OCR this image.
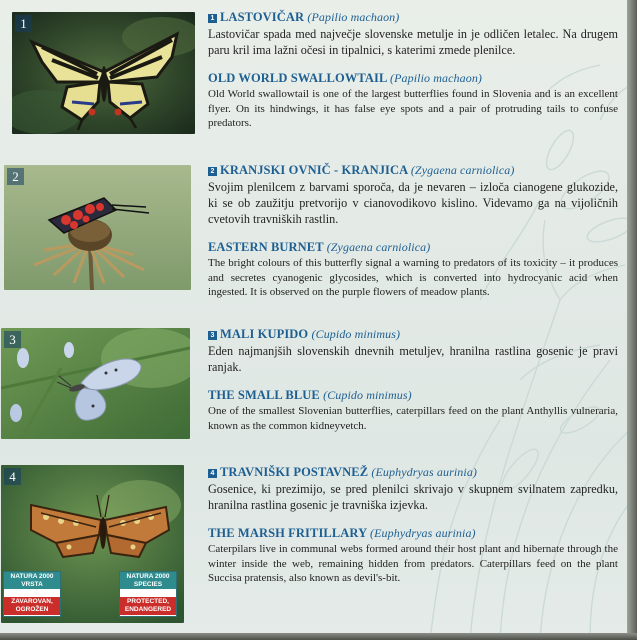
1
2
3
4
NATURA 2000 VRSTA
ZAVAROVAN, OGROŽEN
NATURA 2000 SPECIES
PROTECTED, ENDANGERED
1 LASTOVIČAR (Papilio machaon)

Lastovičar spada med največje slovenske metulje in je odličen letalec. Na drugem paru kril ima lažni očesi in tipalnici, s katerimi zmede plenilce.

OLD WORLD SWALLOWTAIL (Papilio machaon)

Old World swallowtail is one of the largest butterflies found in Slovenia and is an excellent flyer. On its hindwings, it has false eye spots and a pair of protruding tails to confuse predators.

2 KRANJSKI OVNIČ - KRANJICA (Zygaena carniolica)

Svojim plenilcem z barvami sporoča, da je nevaren – izloča cianogene glukozide, ki se ob zaužitju pretvorijo v cianovodikovo kislino. Videvamo ga na vijoličnih cvetovih travniških rastlin.

EASTERN BURNET (Zygaena carniolica)

The bright colours of this butterfly signal a warning to predators of its toxicity – it produces and secretes cyanogenic glycosides, which is converted into hydrocyanic acid when ingested. It is observed on the purple flowers of meadow plants.

3 MALI KUPIDO (Cupido minimus)

Eden najmanjših slovenskih dnevnih metuljev, hranilna rastlina gosenic je pravi ranjak.

THE SMALL BLUE (Cupido minimus)

One of the smallest Slovenian butterflies, caterpillars feed on the plant Anthyllis vulneraria, known as the common kidneyvetch.

4 TRAVNIŠKI POSTAVNEŽ (Euphydryas aurinia)

Gosenice, ki prezimijo, se pred plenilci skrivajo v skupnem svilnatem zapredku, hranilna rastlina gosenic je travniška izjevka.

THE MARSH FRITILLARY (Euphydryas aurinia)

Caterpilars live in communal webs formed around their host plant and hibernate through the winter inside the web, remaining hidden from predators. Caterpillars feed on the plant Succisa pratensis, also known as devil's-bit.
